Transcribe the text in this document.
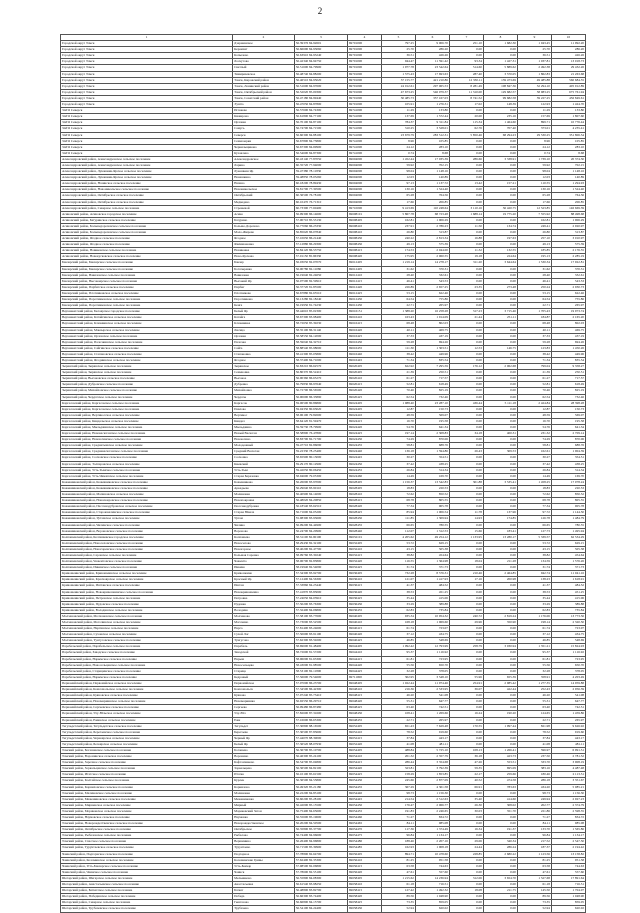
2
1	2	3	4	5	6	7	8	9	10
Городской округ Томск	Дзержинское	56.39376 84.92601	69701000	797.25	9 006.70	251.10	1 682.30	1 043.45	11 992.20
Городской округ Томск	Керамзит	56.66690 84.93060	69701000	25.70	286.20	0.00	0.00	25.70	286.20
Городской округ Томск	Копылово	56.63910 84.93240	69701000	36.51	426.26	0.00	0.00	36.51	426.26
Городской округ Томск	Лоскутово	56.42340 84.94750	69701000	944.47	11 591.42	93.34	1 427.31	1 037.81	13 018.73
Городской округ Томск	Светлый	56.51600 84.79900	69701000	1 977.78	23 542.64	514.60	5 889.62	2 492.38	29 432.26
Городской округ Томск	Тимирязевское	56.48740 84.88200	69701000	1 575.43	17 693.63	287.40	3 570.05	1 862.83	21 263.68
Городской округ Томск	Томск, Кировский район	56.46510 84.95020	69701000	37 155.77	421 210.86	12 330.11	139 473.69	49 485.88	560 684.55
Городской округ Томск	Томск, Ленинский район	56.51600 84.97600	69701000	24 012.61	297 065.53	8 281.49	108 847.36	32 294.10	405 912.89
Городской округ Томск	Томск, Октябрьский район	56.52020 85.00300	69701000	47 673.25	546 079.37	11 310.00	129 682.57	58 983.25	675 761.94
Городской округ Томск	Томск, Советский район	56.47180 84.99440	69701000	30 485.73	357 167.03	8 741.52	99 682.58	39 227.25	456 849.61
Городской округ Томск	Эушта	56.47050 84.87800	69701000	105.91	1 276.31	17.02	148.39	122.93	1 424.70
ЗАТО Северск	Иглаково	56.57600 84.74300	69741000	11.29	133.80	0.00	0.00	11.29	133.80
ЗАТО Северск	Кижирово	56.61800 84.77100	69741000	137.69	1 572.44	20.00	235.16	157.69	1 807.60
ЗАТО Северск	Орловка	56.70100 84.87100	69741000	784.37	9 311.84	115.34	1 464.60	899.71	10 776.44
ЗАТО Северск	Самусь	56.74700 84.71500	69741000	310.25	3 528.01	62.76	707.40	373.01	4 235.41
ЗАТО Северск	Северск	56.60300 84.88100	69741000	23 679.79	283 512.31	5 850.46	68 294.23	29 530.25	351 806.54
ЗАТО Северск	Семиозерки	56.67800 84.73800	69741000	8.96	105.85	0.00	0.00	8.96	105.85
ЗАТО Северск	Чернильщиково	56.67300 84.69900	69741000	24.12	283.10	0.00	0.00	24.12	283.10
ЗАТО Северск	Кузовлево	56.54600 84.87300	69741000	0.74	8.68	0.00	0.00	0.74	8.68
Александровский район, Александровское сельское поселение	Александровское	60.43140 77.87050	69604000	1 452.44	17 035.39	286.66	3 338.91	1 739.10	20 374.30
Александровский район, Александровское сельское поселение	Ларино	60.35720 77.94000	69604000	59.92	702.15	0.00	0.00	59.92	702.15
Александровский район, Лукашкин-Ярское сельское поселение	Лукашкин Яр	59.47380 78.11830	69604000	98.04	1 148.16	0.00	0.00	98.04	1 148.16
Александровский район, Лукашкин-Ярское сельское поселение	Ненашкино	59.48850 78.03260	69604000	12.03	140.89	0.00	0.00	12.03	140.89
Александровский район, Назинское сельское поселение	Назино	60.18200 78.89430	69604000	97.13	1 137.72	13.42	157.21	110.55	1 294.93
Александровский район, Новоникольское сельское поселение	Новоникольское	59.81700 77.30500	69604000	130.16	1 524.40	0.00	0.00	130.16	1 524.40
Александровский район, Октябрьское сельское поселение	Октябрьский	60.36500 76.78100	69604000	65.28	764.56	0.00	0.00	65.28	764.56
Александровский район, Октябрьское сельское поселение	Медведево	60.10470 76.71310	69604000	17.66	206.85	0.00	0.00	17.66	206.85
Александровский район, Северное сельское поселение	Стрежевой	60.73300 77.60400	69710000	9 413.69	110 248.64	3 110.16	36 420.75	12 523.85	146 669.39
Асиновский район, Асиновское городское поселение	Асино	56.99300 86.14600	69608101	5 867.78	68 723.48	1 688.14	19 775.20	7 555.92	88 498.68
Асиновский район, Батуринское сельское поселение	Батурино	57.00710 85.53130	69608405	162.81	1 906.29	0.00	0.00	162.81	1 906.29
Асиновский район, Большедороховское сельское поселение	Больше-Дорохово	56.77060 86.23330	69608410	237.91	2 786.23	11.50	134.74	249.41	2 920.97
Асиновский район, Большедороховское сельское поселение	Мало-Жирово	56.85620 86.07840	69608410	26.80	313.87	0.00	0.00	26.80	313.87
Асиновский район, Ягодное сельское поселение	Ягодное	57.10650 86.21440	69608430	240.22	2 813.34	16.88	197.63	257.10	3 010.97
Асиновский район, Ягодное сельское поселение	Филимоновка	57.12880 86.29300	69608430	49.13	575.39	0.00	0.00	49.13	575.39
Асиновский район, Новиковское сельское поселение	Новиковка	56.84120 86.53750	69608415	174.53	2 044.00	11.32	132.55	185.85	2 176.55
Асиновский район, Новокусковское сельское поселение	Ново-Кусково	57.01150 85.96330	69608420	175.95	2 060.55	19.18	224.64	195.13	2 285.19
Бакчарский район, Бакчарское сельское поселение	Бакчар	56.03050 82.07070	69612405	1 219.14	14 278.17	311.20	3 644.64	1 530.34	17 922.81
Бакчарский район, Бакчарское сельское поселение	Богатыревка	56.00780 82.11080	69612405	31.62	370.31	0.00	0.00	31.62	370.31
Бакчарский район, Вавиловское сельское поселение	Вавиловка	56.19640 82.24650	69612410	28.40	332.61	0.00	0.00	28.40	332.61
Бакчарский район, Высокоярское сельское поселение	Высокий Яр	56.07590 82.59910	69612415	46.41	543.53	0.00	0.00	46.41	543.53
Бакчарский район, Парбигское сельское поселение	Парбиг	56.37720 81.85500	69612420	226.89	2 657.25	23.35	273.48	250.24	2 930.73
Бакчарский район, Плотниковское сельское поселение	Плотниково	56.67880 82.65510	69612425	53.15	622.46	0.00	0.00	53.15	622.46
Бакчарский район, Поротниковское сельское поселение	Поротниково	56.13280 82.18240	69612430	64.54	755.86	0.00	0.00	64.54	755.86
Бакчарский район, Поротниковское сельское поселение	Кенга	56.19950 81.74230	69612430	22.71	265.97	0.00	0.00	22.71	265.97
Верхнекетский район, Белоярское городское поселение	Белый Яр	58.44610 85.02300	69616151	1 388.20	16 258.28	317.23	3 715.46	1 705.43	19 973.74
Верхнекетский район, Катайгинское сельское поселение	Катайга	58.67300 83.98400	69616410	163.43	1 914.09	21.44	251.11	184.87	2 165.20
Верхнекетский район, Клюквинское сельское поселение	Клюквинка	58.72650 85.39230	69616415	68.48	802.03	0.00	0.00	68.48	802.03
Верхнекетский район, Макзырское сельское поселение	Лисица	58.35100 86.31140	69616420	40.11	469.75	0.00	0.00	40.11	469.75
Верхнекетский район, Орловское сельское поселение	Орловка	58.58550 84.12000	69616425	37.33	437.19	0.00	0.00	37.33	437.19
Верхнекетский район, Палочкинское сельское поселение	Палочка	58.59040 84.32710	69616430	59.28	694.26	0.00	0.00	59.28	694.26
Верхнекетский район, Сайгинское сельское поселение	Сайга	58.88540 85.98000	69616435	111.30	1 303.51	12.53	146.75	123.83	1 450.26
Верхнекетский район, Степановское сельское поселение	Степановка	58.41300 85.05800	69616440	38.42	449.96	0.00	0.00	38.42	449.96
Верхнекетский район, Ягоднинское сельское поселение	Ягодное	58.37400 84.71000	69616445	71.34	835.54	0.00	0.00	71.34	835.54
Зырянский район, Зырянское сельское поселение	Зырянское	56.83210 86.62570	69620405	622.92	7 295.59	176.12	2 062.68	799.04	9 358.27
Зырянский район, Зырянское сельское поселение	Семеновка	56.80370 86.52410	69620405	21.39	250.51	0.00	0.00	21.39	250.51
Зырянский район, Высоковское сельское поселение	Высокое	56.90360 86.65270	69620410	61.27	717.57	0.00	0.00	61.27	717.57
Зырянский район, Дубровское сельское поселение	Дубровка	56.79830 86.97640	69620415	52.81	618.49	0.00	0.00	52.81	618.49
Зырянский район, Михайловское сельское поселение	Михайловка	56.72700 86.56500	69620420	70.46	825.19	0.00	0.00	70.46	825.19
Зырянский район, Чердатское сельское поселение	Чердаты	56.90690 86.33890	69620425	62.54	732.46	0.00	0.00	62.54	732.46
Каргасокский район, Каргасокское сельское поселение	Каргасок	59.06500 80.86800	69624405	1 988.40	23 287.10	436.44	5 111.18	2 424.84	28 398.28
Каргасокский район, Каргасокское сельское поселение	Павлово	59.04350 80.63020	69624405	12.87	150.73	0.00	0.00	12.87	150.73
Каргасокский район, Вертикосское сельское поселение	Вертикос	58.96100 79.82600	69624410	48.59	569.07	0.00	0.00	48.59	569.07
Каргасокский район, Киндальское сельское поселение	Киндал	58.64120 81.59470	69624415	16.70	195.58	0.00	0.00	16.70	195.58
Каргасокский район, Мыльджинское сельское поселение	Мыльджино	59.59730 78.79900	69624420	54.76	641.34	0.00	0.00	54.76	641.34
Каргасокский район, Нововасюганское сельское поселение	Новый Васюган	58.58800 76.47800	69624425	197.14	2 308.83	34.18	400.31	231.32	2 709.14
Каргасокский район, Новоюгинское сельское поселение	Новоюгино	58.83700 82.71700	69624430	74.29	870.06	0.00	0.00	74.29	870.06
Каргасокский район, Среднетымское сельское поселение	Молодежный	59.47710 82.86090	69624435	58.81	688.76	0.00	0.00	58.81	688.76
Каргасокский район, Средневасюганское сельское поселение	Средний Васюган	59.22330 78.25400	69624440	136.18	1 594.86	26.43	309.53	162.61	1 904.39
Каргасокский район, Сосновское сельское поселение	Сосновка	58.65900 80.13000	69624445	30.27	354.51	0.00	0.00	30.27	354.51
Каргасокский район, Толпаровское сельское поселение	Киевский	59.29170 80.12900	69624450	37.42	438.25	0.00	0.00	37.42	438.25
Каргасокский район, Усть-Тымское сельское поселение	Усть-Тым	59.42050 80.06450	69624455	26.84	314.34	0.00	0.00	26.84	314.34
Каргасокский район, Усть-Чижапское сельское поселение	Старая Березовка	58.94600 79.05300	69624460	14.49	169.70	0.00	0.00	14.49	169.70
Кожевниковский район, Кожевниковское сельское поселение	Кожевниково	56.26000 83.97000	69628405	1 156.37	13 542.83	301.88	3 535.41	1 458.25	17 078.24
Кожевниковский район, Кожевниковское сельское поселение	Аркадьево	56.29040 83.90110	69628405	18.83	220.53	0.00	0.00	18.83	220.53
Кожевниковский район, Малиновское сельское поселение	Малиновка	56.40900 84.14000	69628410	72.62	850.52	0.00	0.00	72.62	850.52
Кожевниковский район, Новопокровское сельское поселение	Новопокровка	56.48020 84.20850	69628415	68.78	805.55	0.00	0.00	68.78	805.55
Кожевниковский район, Песочнодубровское сельское поселение	Песочнодубровка	56.18540 83.62510	69628420	77.34	905.78	0.00	0.00	77.34	905.78
Кожевниковский район, Староювалинское сельское поселение	Старая Ювала	56.71600 84.05200	69628425	85.94	1 006.54	11.78	137.96	97.72	1 144.50
Кожевниковский район, Уртамское сельское поселение	Уртам	55.98300 83.93600	69628430	111.85	1 309.94	14.93	174.85	126.78	1 484.79
Кожевниковский район, Чилинское сельское поселение	Чилино	56.09200 84.44900	69628435	66.65	780.55	0.00	0.00	66.65	780.55
Кожевниковский район, Вороновское сельское поселение	Вороново	56.24700 84.20900	69628440	112.07	1 312.53	15.66	183.41	127.73	1 495.94
Колпашевский район, Колпашевское городское поселение	Колпашево	58.31100 82.90100	69632101	4 205.62	49 254.12	1 133.95	13 280.17	5 339.57	62 534.29
Колпашевский район, Новоселовское сельское поселение	Новоселово	58.29430 82.32100	69632405	53.72	629.15	0.00	0.00	53.72	629.15
Колпашевский район, Новогоренское сельское поселение	Новогорное	58.40200 82.47700	69632410	43.15	505.38	0.00	0.00	43.15	505.38
Колпашевский район, Саровское сельское поселение	Большая Саровка	58.09760 83.30240	69632415	38.82	454.64	0.00	0.00	38.82	454.64
Колпашевский район, Чажемтовское сельское поселение	Чажемто	58.06700 82.83800	69632420	116.55	1 364.98	18.04	211.28	134.59	1 576.26
Колпашевский район, Инкинское сельское поселение	Инкино	58.19940 82.54090	69632425	31.74	371.73	0.00	0.00	31.74	371.73
Кривошеинский район, Кривошеинское сельское поселение	Кривошеино	57.34300 83.92700	69636405	732.28	8 576.31	210.46	2 464.85	942.74	11 041.16
Кривошеинский район, Красноярское сельское поселение	Красный Яр	57.12400 84.56300	69636410	121.07	1 417.93	17.16	200.98	138.23	1 618.91
Кривошеинский район, Иштанское сельское поселение	Иштан	57.33860 84.23440	69636415	41.37	484.52	0.00	0.00	41.37	484.52
Кривошеинский район, Новокривошеинское сельское поселение	Новокривошеино	57.41870 83.83000	69636420	38.53	451.25	0.00	0.00	38.53	451.25
Кривошеинский район, Петровское сельское поселение	Петровка	57.24050 84.03910	69636425	35.44	415.06	0.00	0.00	35.44	415.06
Кривошеинский район, Пудовское сельское поселение	Пудовка	57.50200 83.76300	69636430	33.29	389.88	0.00	0.00	33.29	389.88
Кривошеинский район, Володинское сельское поселение	Володино	57.32400 84.06800	69636435	62.83	735.84	0.00	0.00	62.83	735.84
Молчановский район, Молчановское сельское поселение	Молчаново	57.58100 83.77600	69640405	935.34	10 954.32	240.72	2 819.24	1 176.06	13 773.56
Молчановский район, Могочинское сельское поселение	Могочино	57.73000 83.52500	69640410	168.18	1 969.60	29.96	350.90	198.14	2 320.50
Молчановский район, Наргинское сельское поселение	Нарга	57.81400 83.24600	69640415	61.74	723.07	0.00	0.00	61.74	723.07
Молчановский район, Суховское сельское поселение	Сухой Лог	57.50690 83.91100	69640420	37.12	434.75	0.00	0.00	37.12	434.75
Молчановский район, Тунгусовское сельское поселение	Тунгусово	57.62300 83.59200	69640425	46.85	548.69	0.00	0.00	46.85	548.69
Парабельский район, Парабельское сельское поселение	Парабель	58.69600 81.48400	69644405	1 092.42	12 793.99	258.79	3 030.94	1 351.21	15 824.93
Парабельский район, Заводское сельское поселение	Заводской	58.72600 81.57200	69644410	95.37	1 116.92	0.00	0.00	95.37	1 116.92
Парабельский район, Нарымское сельское поселение	Нарым	58.96000 81.63300	69644415	61.81	723.95	0.00	0.00	61.81	723.95
Парабельский район, Новосельцевское сельское поселение	Новосельцево	58.43000 81.98500	69644420	55.56	650.70	0.00	0.00	55.56	650.70
Парабельский район, Старицинское сельское поселение	Старица	58.53100 82.11800	69644425	32.28	378.05	0.00	0.00	32.28	378.05
Парабельский район, Нарымское сельское поселение	Кедровый	57.56600 79.54600	69711000	302.95	3 548.10	55.96	655.39	358.91	4 203.49
Первомайский район, Первомайское сельское поселение	Первомайское	57.07000 86.23700	69648405	1 022.44	11 974.46	254.91	2 985.42	1 277.35	14 959.88
Первомайский район, Комсомольское сельское поселение	Комсомольск	57.34500 86.42300	69648410	216.36	2 533.95	36.07	422.44	252.43	2 956.39
Первомайский район, Куяновское сельское поселение	Куяново	57.07240 85.73410	69648415	46.20	541.08	0.00	0.00	46.20	541.08
Первомайский район, Новомариинское сельское поселение	Новомариинка	56.92550 86.29710	69648420	55.31	647.77	0.00	0.00	55.31	647.77
Первомайский район, Сергеевское сельское поселение	Сергеево	56.99480 86.87480	69648425	63.40	742.51	0.00	0.00	63.40	742.51
Первомайский район, Улу-Юльское сельское поселение	Улу-Юл	57.82600 87.31600	69648430	108.41	1 269.66	16.24	190.20	124.65	1 459.86
Первомайский район, Ежинское сельское поселение	Ежи	57.16600 86.65300	69648435	22.71	265.97	0.00	0.00	22.71	265.97
Тегульдетский район, Тегульдетское сельское поселение	Тегульдет	57.30800 88.16500	69652405	651.43	7 629.48	170.55	1 997.44	821.98	9 626.92
Тегульдетский район, Берегаевское сельское поселение	Берегаево	57.30500 87.83600	69652410	78.52	919.60	0.00	0.00	78.52	919.60
Тегульдетский район, Черноярское сельское поселение	Черный Яр	57.44070 88.39000	69652415	37.84	443.17	0.00	0.00	37.84	443.17
Тегульдетский район, Белоярское сельское поселение	Белый Яр	57.36520 88.07930	69652420	41.08	481.11	0.00	0.00	41.08	481.11
Томский район, Богашевское сельское поселение	Богашево	56.36700 85.10700	69654405	488.84	5 725.10	108.13	1 266.41	596.97	6 991.51
Томский район, Воронинское сельское поселение	Воронино	56.46300 85.24100	69654410	201.32	2 357.79	36.18	423.73	237.50	2 781.52
Томский район, Заречное сельское поселение	Кафтанчиково	56.54700 85.04800	69654415	286.44	3 354.68	47.26	553.51	333.70	3 908.19
Томский район, Зоркальцевское сельское поселение	Зоркальцево	56.36500 84.82100	69654420	323.81	3 792.39	59.35	695.09	383.16	4 487.48
Томский район, Итатское сельское поселение	Итатка	56.10100 85.61500	69654425	158.29	1 853.85	22.17	259.66	180.46	2 113.51
Томский район, Калтайское сельское поселение	Курлек	56.36500 84.55800	69654430	245.66	2 877.09	40.52	474.58	286.18	3 351.67
Томский район, Корниловское сельское поселение	Корнилово	56.49320 85.21180	69654435	367.29	4 301.58	66.91	783.63	434.20	5 085.21
Томский район, Малиновское сельское поселение	Малиновка	56.22200 84.83100	69654440	98.73	1 156.30	0.00	0.00	98.73	1 156.30
Томский район, Межениновское сельское поселение	Межениновка	56.60200 85.28100	69654445	214.54	2 512.63	35.40	414.60	249.94	2 927.23
Томский район, Мирненское сельское поселение	Мирный	56.42000 85.15500	69654450	176.47	2 066.77	26.30	308.02	202.77	2 374.79
Томский район, Моряковское сельское поселение	Моряковский Затон	56.75400 84.65600	69654455	191.83	2 246.65	30.03	351.70	221.86	2 598.35
Томский район, Наумовское сельское поселение	Наумовка	56.55600 85.19600	69654460	71.27	834.72	0.00	0.00	71.27	834.72
Томский район, Новорождественское сельское поселение	Новорождественское	56.20200 84.50500	69654465	84.11	985.08	0.00	0.00	84.11	985.08
Томский район, Октябрьское сельское поселение	Октябрьское	56.35800 85.37700	69654470	117.36	1 374.49	16.34	191.37	133.70	1 565.86
Томский район, Рыбаловское сельское поселение	Рыбалово	56.74400 84.96600	69654475	96.84	1 134.17	0.00	0.00	96.84	1 134.17
Томский район, Спасское сельское поселение	Вершинино	56.26400 84.96800	69654480	188.46	2 207.16	29.06	340.34	217.52	2 547.50
Томский район, Турунтаевское сельское поселение	Турунтаево	56.71500 85.39900	69654485	162.93	1 908.18	24.44	286.24	187.37	2 194.42
Чаинский район, Подгорнское сельское поселение	Подгорное	57.78800 82.64700	69656405	894.71	10 478.60	228.85	2 680.22	1 123.56	13 158.82
Чаинский район, Коломинское сельское поселение	Коломинские Гривы	57.62400 82.35300	69656410	81.25	951.58	0.00	0.00	81.25	951.58
Чаинский район, Усть-Бакчарское сельское поселение	Усть-Бакчар	57.98500 82.06800	69656415	63.58	744.63	0.00	0.00	63.58	744.63
Чаинский район, Чаинское сельское поселение	Чаинск	57.78600 82.55100	69656420	47.61	557.60	0.00	0.00	47.61	557.60
Шегарский район, Шегарское сельское поселение	Мельниково	56.55800 84.08300	69658405	1 215.62	14 236.94	312.06	3 654.70	1 527.68	17 891.64
Шегарский район, Анастасьевское сельское поселение	Анастасьевка	56.61540 83.98250	69658410	61.18	716.51	0.00	0.00	61.18	716.51
Шегарский район, Баткатское сельское поселение	Баткат	56.48800 83.82700	69658415	127.42	1 492.32	18.08	211.75	145.50	1 704.07
Шегарский район, Побединское сельское поселение	Победа	56.66300 83.74400	69658420	89.56	1 048.90	0.00	0.00	89.56	1 048.90
Шегарский район, Северное сельское поселение	Гынгазово	56.66800 84.15700	69658425	73.35	859.05	0.00	0.00	73.35	859.05
Шегарский район, Трубачевское сельское поселение	Трубачево	56.54100 84.24400	69658430	52.94	620.02	0.00	0.00	52.94	620.02
